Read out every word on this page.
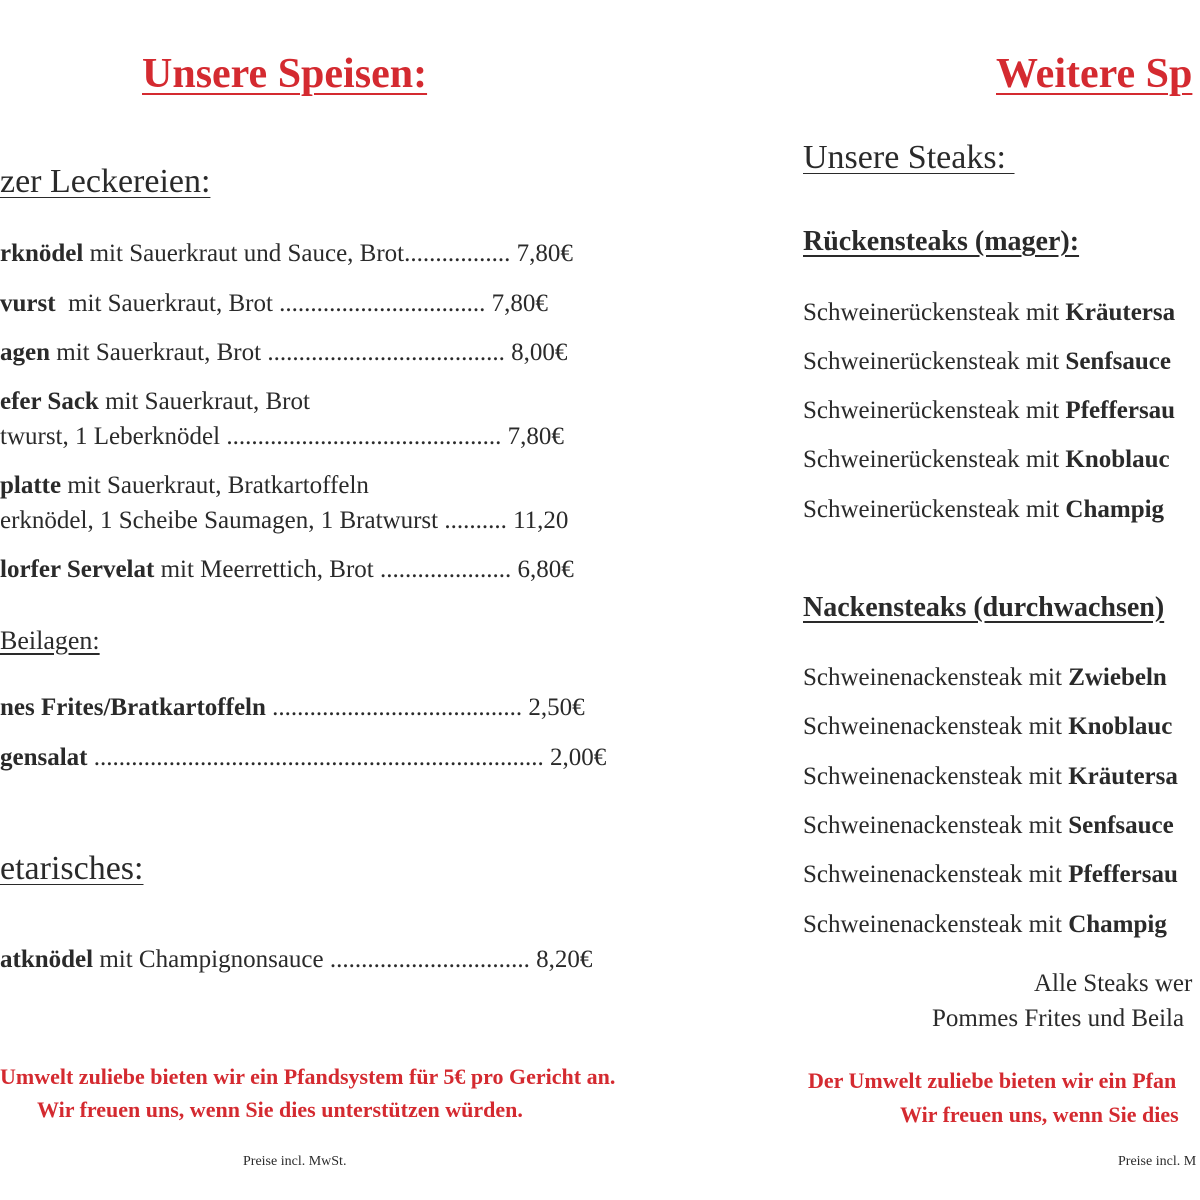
Unsere Speisen:
zer Leckereien:
rknödel mit Sauerkraut und Sauce, Brot................. 7,80€
vurst  mit Sauerkraut, Brot ................................. 7,80€
agen mit Sauerkraut, Brot ...................................... 8,00€
efer Sack mit Sauerkraut, Brot
twurst, 1 Leberknödel ............................................ 7,80€
platte mit Sauerkraut, Bratkartoffeln
erknödel, 1 Scheibe Saumagen, 1 Bratwurst .......... 11,20
lorfer Servelat mit Meerrettich, Brot ..................... 6,80€
Beilagen:
nes Frites/Bratkartoffeln ........................................ 2,50€
gensalat ........................................................................ 2,00€
etarisches:
atknödel mit Champignonsauce ................................ 8,20€
Umwelt zuliebe bieten wir ein Pfandsystem für 5€ pro Gericht an.
Wir freuen uns, wenn Sie dies unterstützen würden.
Preise incl. MwSt.
Weitere Sp
Unsere Steaks:
Rückensteaks (mager):
Schweinerückensteak mit Kräutersa
Schweinerückensteak mit Senfsauce
Schweinerückensteak mit Pfeffersau
Schweinerückensteak mit Knoblauc
Schweinerückensteak mit Champig
Nackensteaks (durchwachsen)
Schweinenackensteak mit Zwiebeln
Schweinenackensteak mit Knoblauc
Schweinenackensteak mit Kräutersa
Schweinenackensteak mit Senfsauce
Schweinenackensteak mit Pfeffersau
Schweinenackensteak mit Champig
Alle Steaks wer
Pommes Frites und Beila
Der Umwelt zuliebe bieten wir ein Pfan
Wir freuen uns, wenn Sie dies
Preise incl. M
